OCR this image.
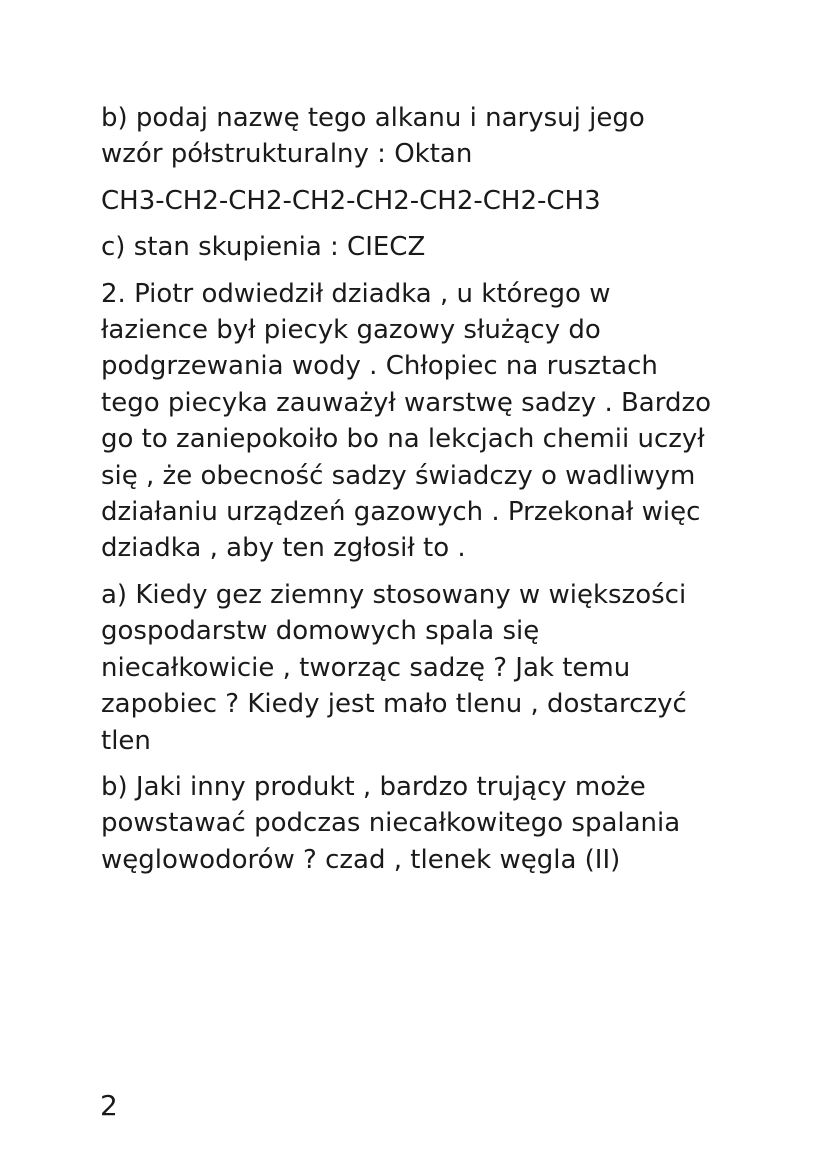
b) podaj nazwę tego alkanu i narysuj jego
wzór półstrukturalny : Oktan

CH3-CH2-CH2-CH2-CH2-CH2-CH2-CH3

c) stan skupienia : CIECZ

2. Piotr odwiedził dziadka , u którego w
łazience był piecyk gazowy służący do
podgrzewania wody . Chłopiec na rusztach
tego piecyka zauważył warstwę sadzy . Bardzo
go to zaniepokoiło bo na lekcjach chemii uczył
się , że obecność sadzy świadczy o wadliwym
działaniu urządzeń gazowych . Przekonał więc
dziadka , aby ten zgłosił to .

a) Kiedy gez ziemny stosowany w większości
gospodarstw domowych spala się
niecałkowicie , tworząc sadzę ? Jak temu
zapobiec ? Kiedy jest mało tlenu , dostarczyć
tlen

b) Jaki inny produkt , bardzo trujący może
powstawać podczas niecałkowitego spalania
węglowodorów ? czad , tlenek węgla (II)

2
